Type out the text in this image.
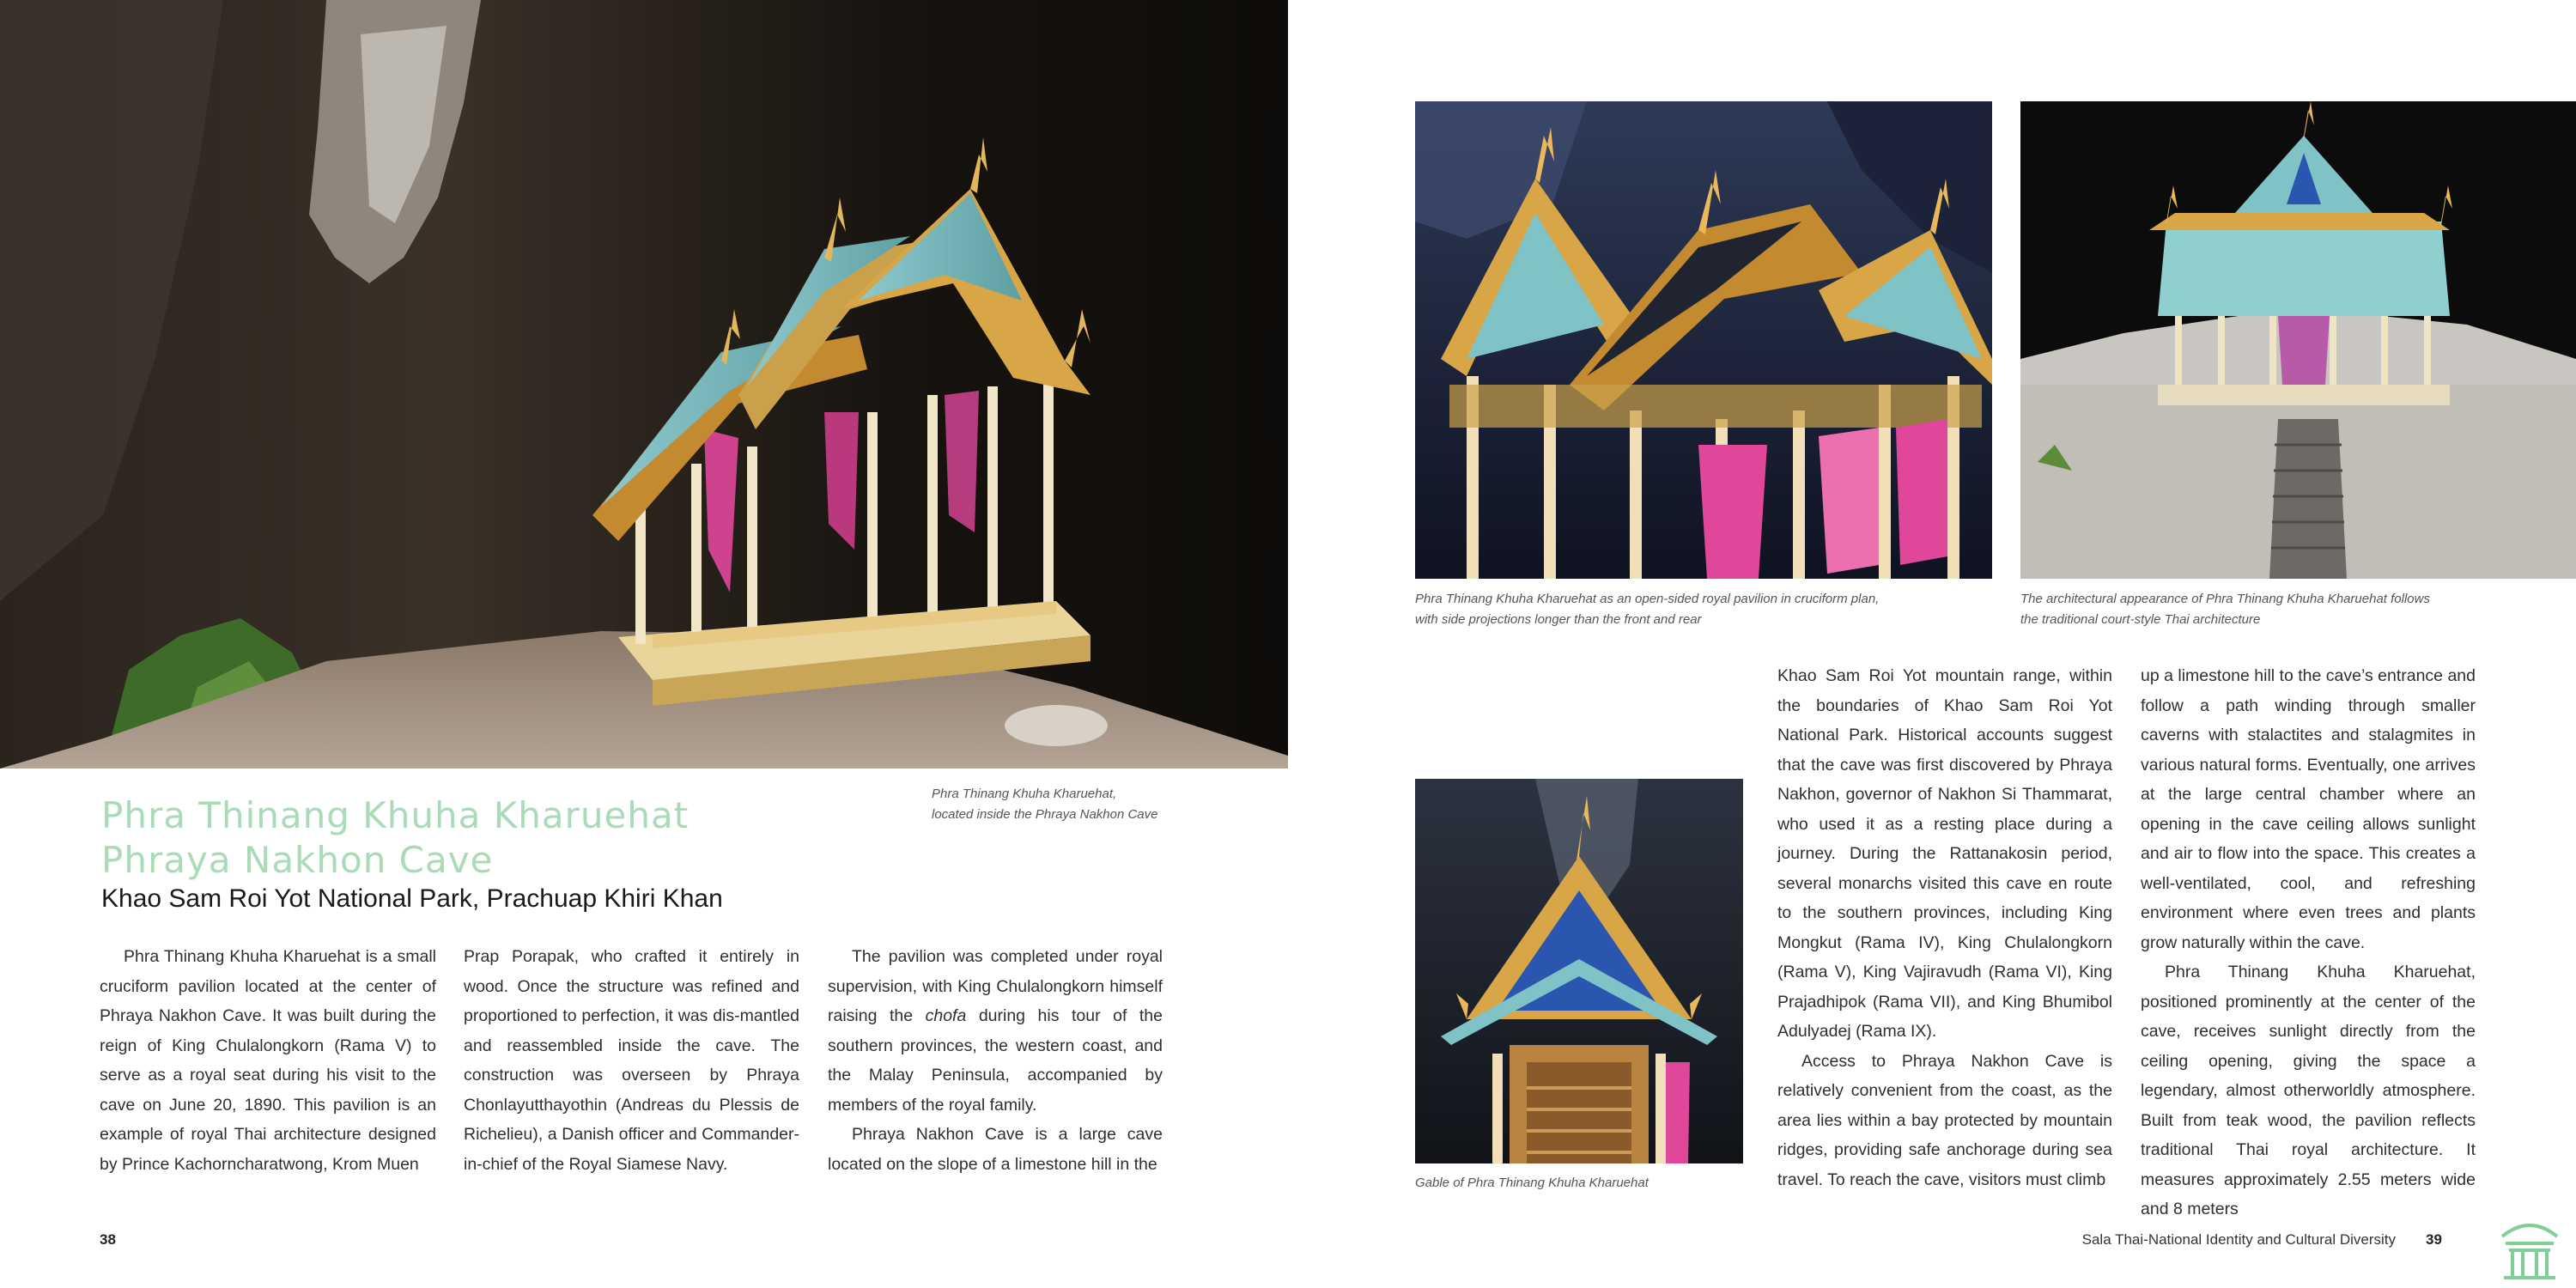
Phra Thinang Khuha Kharuehat,
located inside the Phraya Nakhon Cave

Phra Thinang Khuha Kharuehat
Phraya Nakhon Cave
Khao Sam Roi Yot National Park, Prachuap Khiri Khan

Phra Thinang Khuha Kharuehat is a small cruciform pavilion located at the center of Phraya Nakhon Cave. It was built during the reign of King Chulalongkorn (Rama V) to serve as a royal seat during his visit to the cave on June 20, 1890. This pavilion is an example of royal Thai architecture designed by Prince Kachorncharatwong, Krom Muen

Prap Porapak, who crafted it entirely in wood. Once the structure was refined and proportioned to perfection, it was dis-mantled and reassembled inside the cave. The construction was overseen by Phraya Chonlayutthayothin (Andreas du Plessis de Richelieu), a Danish officer and Commander-in-chief of the Royal Siamese Navy.

The pavilion was completed under royal supervision, with King Chulalongkorn himself raising the chofa during his tour of the southern provinces, the western coast, and the Malay Peninsula, accompanied by members of the royal family.

Phraya Nakhon Cave is a large cave located on the slope of a limestone hill in the

38

Phra Thinang Khuha Kharuehat as an open-sided royal pavilion in cruciform plan,
with side projections longer than the front and rear

The architectural appearance of Phra Thinang Khuha Kharuehat follows
the traditional court-style Thai architecture

Gable of Phra Thinang Khuha Kharuehat

Khao Sam Roi Yot mountain range, within the boundaries of Khao Sam Roi Yot National Park. Historical accounts suggest that the cave was first discovered by Phraya Nakhon, governor of Nakhon Si Thammarat, who used it as a resting place during a journey. During the Rattanakosin period, several monarchs visited this cave en route to the southern provinces, including King Mongkut (Rama IV), King Chulalongkorn (Rama V), King Vajiravudh (Rama VI), King Prajadhipok (Rama VII), and King Bhumibol Adulyadej (Rama IX).

Access to Phraya Nakhon Cave is relatively convenient from the coast, as the area lies within a bay protected by mountain ridges, providing safe anchorage during sea travel. To reach the cave, visitors must climb

up a limestone hill to the cave’s entrance and follow a path winding through smaller caverns with stalactites and stalagmites in various natural forms. Eventually, one arrives at the large central chamber where an opening in the cave ceiling allows sunlight and air to flow into the space. This creates a well-ventilated, cool, and refreshing environment where even trees and plants grow naturally within the cave.

Phra Thinang Khuha Kharuehat, positioned prominently at the center of the cave, receives sunlight directly from the ceiling opening, giving the space a legendary, almost otherworldly atmosphere. Built from teak wood, the pavilion reflects traditional Thai royal architecture. It measures approximately 2.55 meters wide and 8 meters

Sala Thai-National Identity and Cultural Diversity 39
